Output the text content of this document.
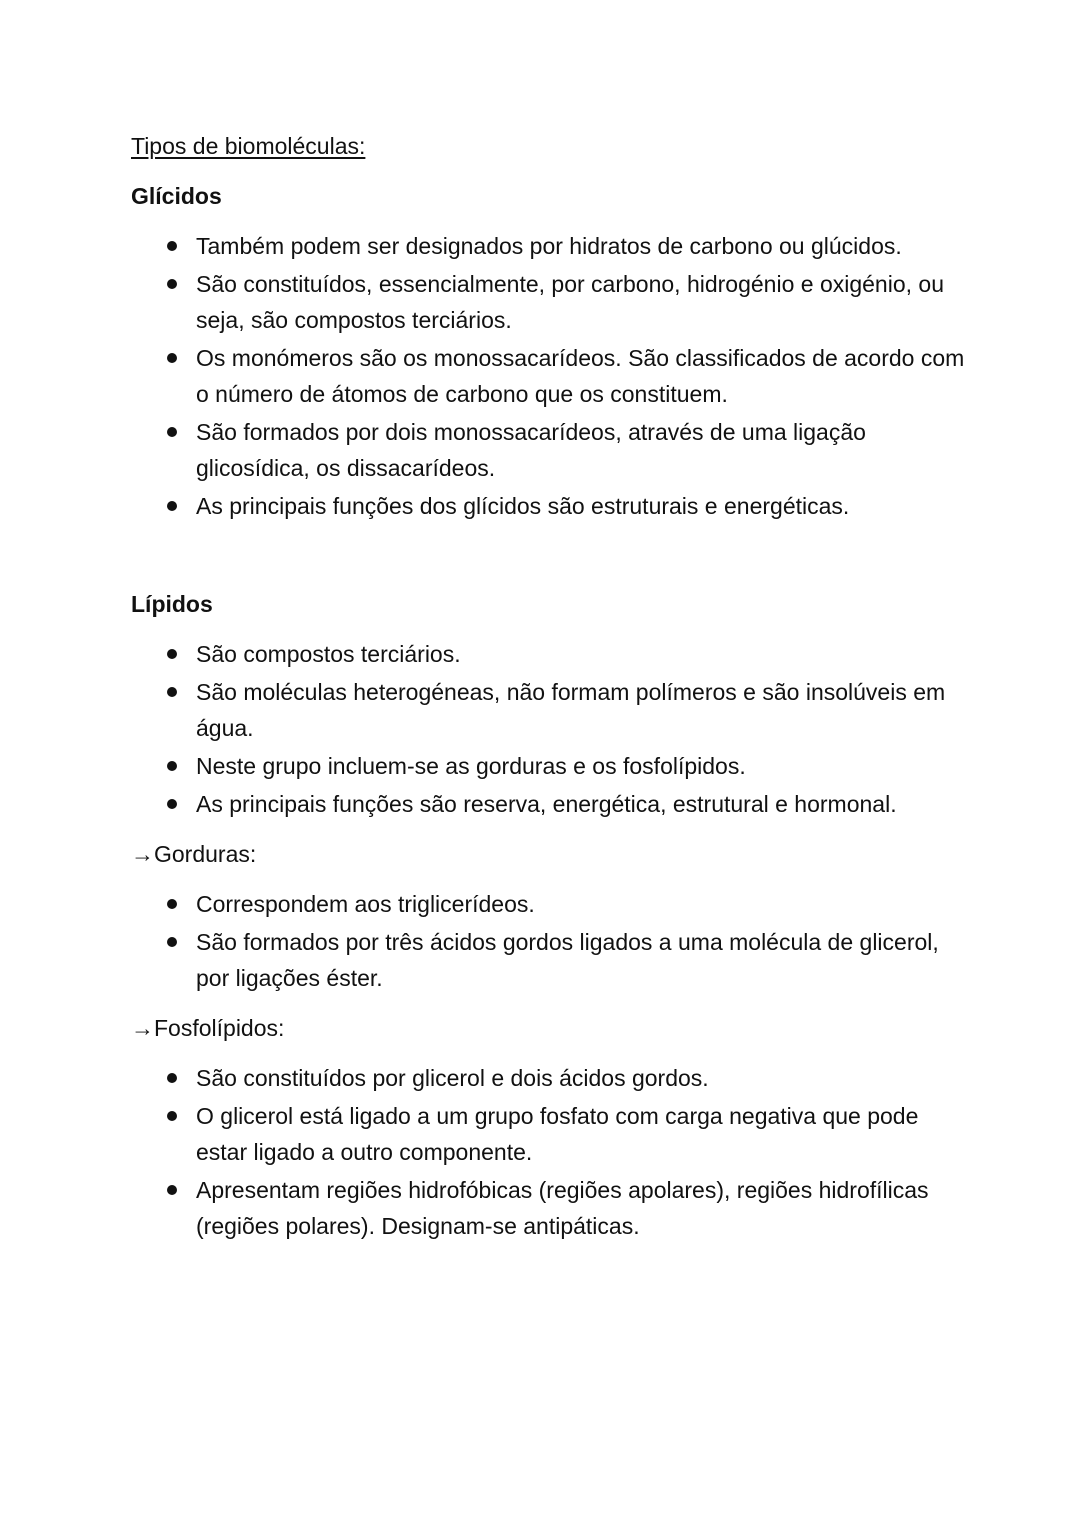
Tipos de biomoléculas:
Glícidos
Também podem ser designados por hidratos de carbono ou glúcidos.
São constituídos, essencialmente, por carbono, hidrogénio e oxigénio, ou seja, são compostos terciários.
Os monómeros são os monossacarídeos. São classificados de acordo com o número de átomos de carbono que os constituem.
São formados por dois monossacarídeos, através de uma ligação glicosídica, os dissacarídeos.
As principais funções dos glícidos são estruturais e energéticas.
Lípidos
São compostos terciários.
São moléculas heterogéneas, não formam polímeros e são insolúveis em água.
Neste grupo incluem-se as gorduras e os fosfolípidos.
As principais funções são reserva, energética, estrutural e hormonal.
→Gorduras:
Correspondem aos triglicerídeos.
São formados por três ácidos gordos ligados a uma molécula de glicerol, por ligações éster.
→Fosfolípidos:
São constituídos por glicerol e dois ácidos gordos.
O glicerol está ligado a um grupo fosfato com carga negativa que pode estar ligado a outro componente.
Apresentam regiões hidrofóbicas (regiões apolares), regiões hidrofílicas (regiões polares). Designam-se antipáticas.
